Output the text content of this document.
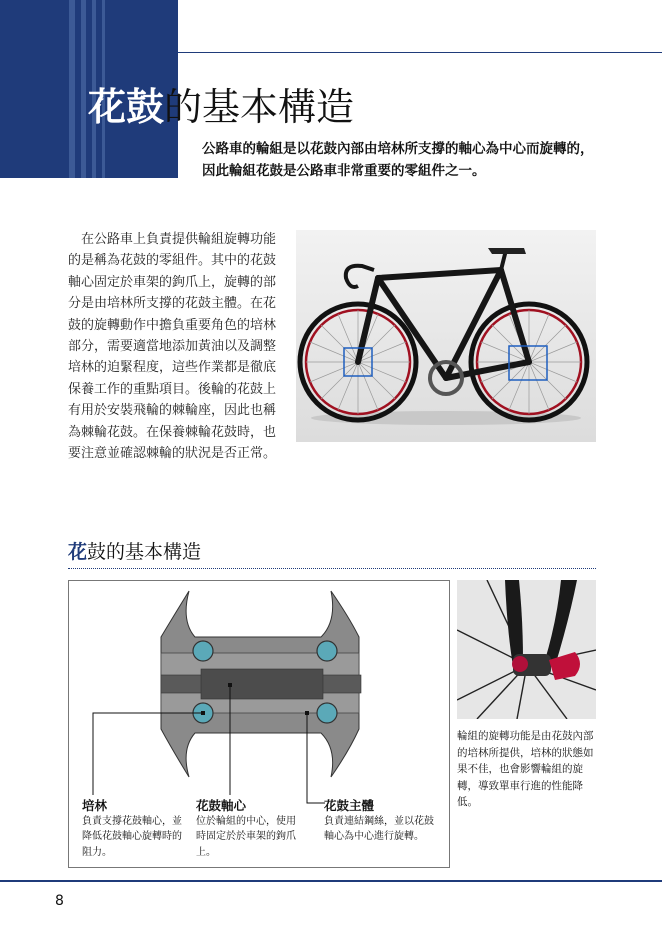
花鼓的基本構造
公路車的輪組是以花鼓內部由培林所支撐的軸心為中心而旋轉的，因此輪組花鼓是公路車非常重要的零組件之一。
在公路車上負責提供輪組旋轉功能的是稱為花鼓的零組件。其中的花鼓軸心固定於車架的鉤爪上，旋轉的部分是由培林所支撐的花鼓主體。在花鼓的旋轉動作中擔負重要角色的培林部分，需要適當地添加黃油以及調整培林的迫緊程度，這些作業都是徹底保養工作的重點項目。後輪的花鼓上有用於安裝飛輪的棘輪座，因此也稱為棘輪花鼓。在保養棘輪花鼓時，也要注意並確認棘輪的狀況是否正常。
花鼓的基本構造
培林
負責支撐花鼓軸心，並降低花鼓軸心旋轉時的阻力。
花鼓軸心
位於輪組的中心，使用時固定於於車架的鉤爪上。
花鼓主體
負責連結鋼絲，並以花鼓軸心為中心進行旋轉。
輪組的旋轉功能是由花鼓內部的培林所提供，培林的狀態如果不佳，也會影響輪組的旋轉，導致單車行進的性能降低。
8
